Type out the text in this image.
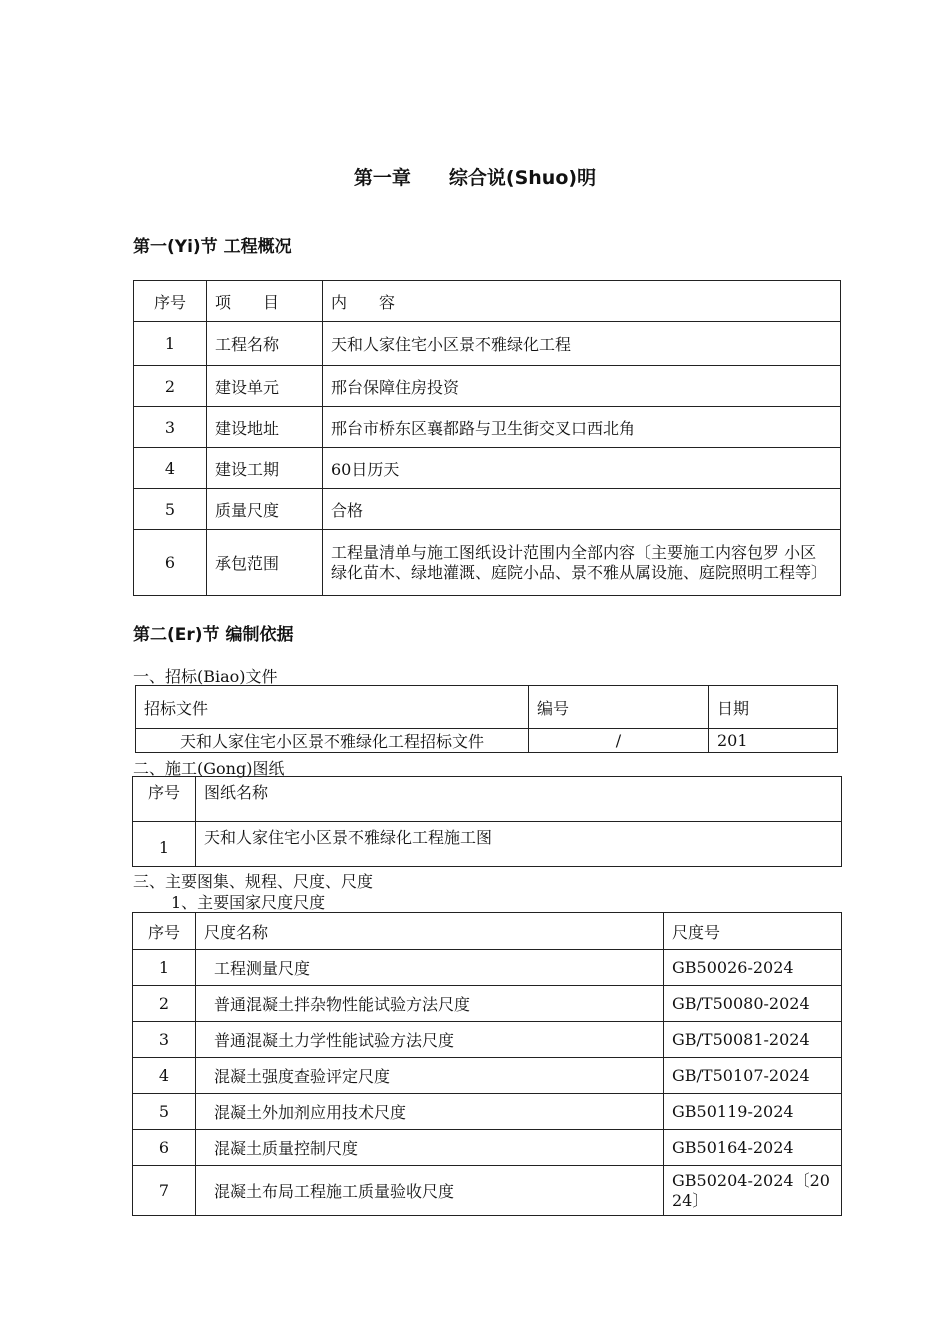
第一章　　综合说(Shuo)明
第一(Yi)节 工程概况
序号	项　　目	内　　容
1	工程名称	天和人家住宅小区景不雅绿化工程
2	建设单元	邢台保障住房投资
3	建设地址	邢台市桥东区襄都路与卫生街交叉口西北角
4	建设工期	60日历天
5	质量尺度	合格
6	承包范围	工程量清单与施工图纸设计范围内全部内容〔主要施工内容包罗 小区绿化苗木、绿地灌溉、庭院小品、景不雅从属设施、庭院照明工程等〕
第二(Er)节 编制依据
一、招标(Biao)文件
招标文件	编号	日期
天和人家住宅小区景不雅绿化工程招标文件	/	201
二、施工(Gong)图纸
序号	图纸名称
1	天和人家住宅小区景不雅绿化工程施工图
三、主要图集、规程、尺度、尺度
1、主要国家尺度尺度
序号	尺度名称	尺度号
1	工程测量尺度	GB50026-2024
2	普通混凝土拌杂物性能试验方法尺度	GB/T50080-2024
3	普通混凝土力学性能试验方法尺度	GB/T50081-2024
4	混凝土强度查验评定尺度	GB/T50107-2024
5	混凝土外加剂应用技术尺度	GB50119-2024
6	混凝土质量控制尺度	GB50164-2024
7	混凝土布局工程施工质量验收尺度	GB50204-2024〔2024〕
